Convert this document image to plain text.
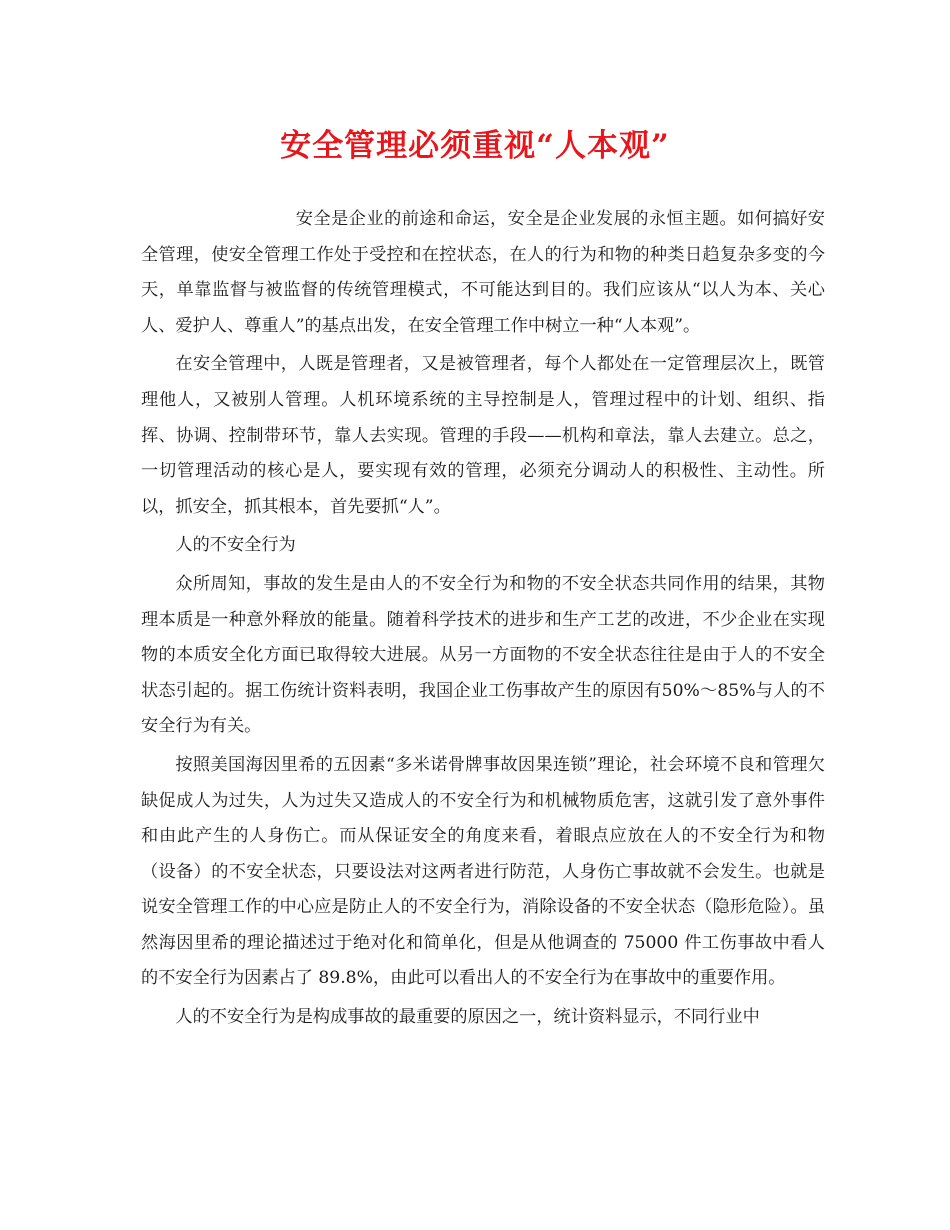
安全管理必须重视“人本观”

安全是企业的前途和命运，安全是企业发展的永恒主题。如何搞好安全管理，使安全管理工作处于受控和在控状态，在人的行为和物的种类日趋复杂多变的今天，单靠监督与被监督的传统管理模式，不可能达到目的。我们应该从“以人为本、关心人、爱护人、尊重人”的基点出发，在安全管理工作中树立一种“人本观”。

在安全管理中，人既是管理者，又是被管理者，每个人都处在一定管理层次上，既管理他人，又被别人管理。人机环境系统的主导控制是人，管理过程中的计划、组织、指挥、协调、控制带环节，靠人去实现。管理的手段——机构和章法，靠人去建立。总之，一切管理活动的核心是人，要实现有效的管理，必须充分调动人的积极性、主动性。所以，抓安全，抓其根本，首先要抓“人”。

人的不安全行为

众所周知，事故的发生是由人的不安全行为和物的不安全状态共同作用的结果，其物理本质是一种意外释放的能量。随着科学技术的进步和生产工艺的改进，不少企业在实现物的本质安全化方面已取得较大进展。从另一方面物的不安全状态往往是由于人的不安全状态引起的。据工伤统计资料表明，我国企业工伤事故产生的原因有50%～85%与人的不安全行为有关。

按照美国海因里希的五因素“多米诺骨牌事故因果连锁”理论，社会环境不良和管理欠缺促成人为过失，人为过失又造成人的不安全行为和机械物质危害，这就引发了意外事件和由此产生的人身伤亡。而从保证安全的角度来看，着眼点应放在人的不安全行为和物（设备）的不安全状态，只要设法对这两者进行防范，人身伤亡事故就不会发生。也就是说安全管理工作的中心应是防止人的不安全行为，消除设备的不安全状态（隐形危险）。虽然海因里希的理论描述过于绝对化和简单化，但是从他调查的 75000 件工伤事故中看人的不安全行为因素占了 89.8%，由此可以看出人的不安全行为在事故中的重要作用。

人的不安全行为是构成事故的最重要的原因之一，统计资料显示，不同行业中
